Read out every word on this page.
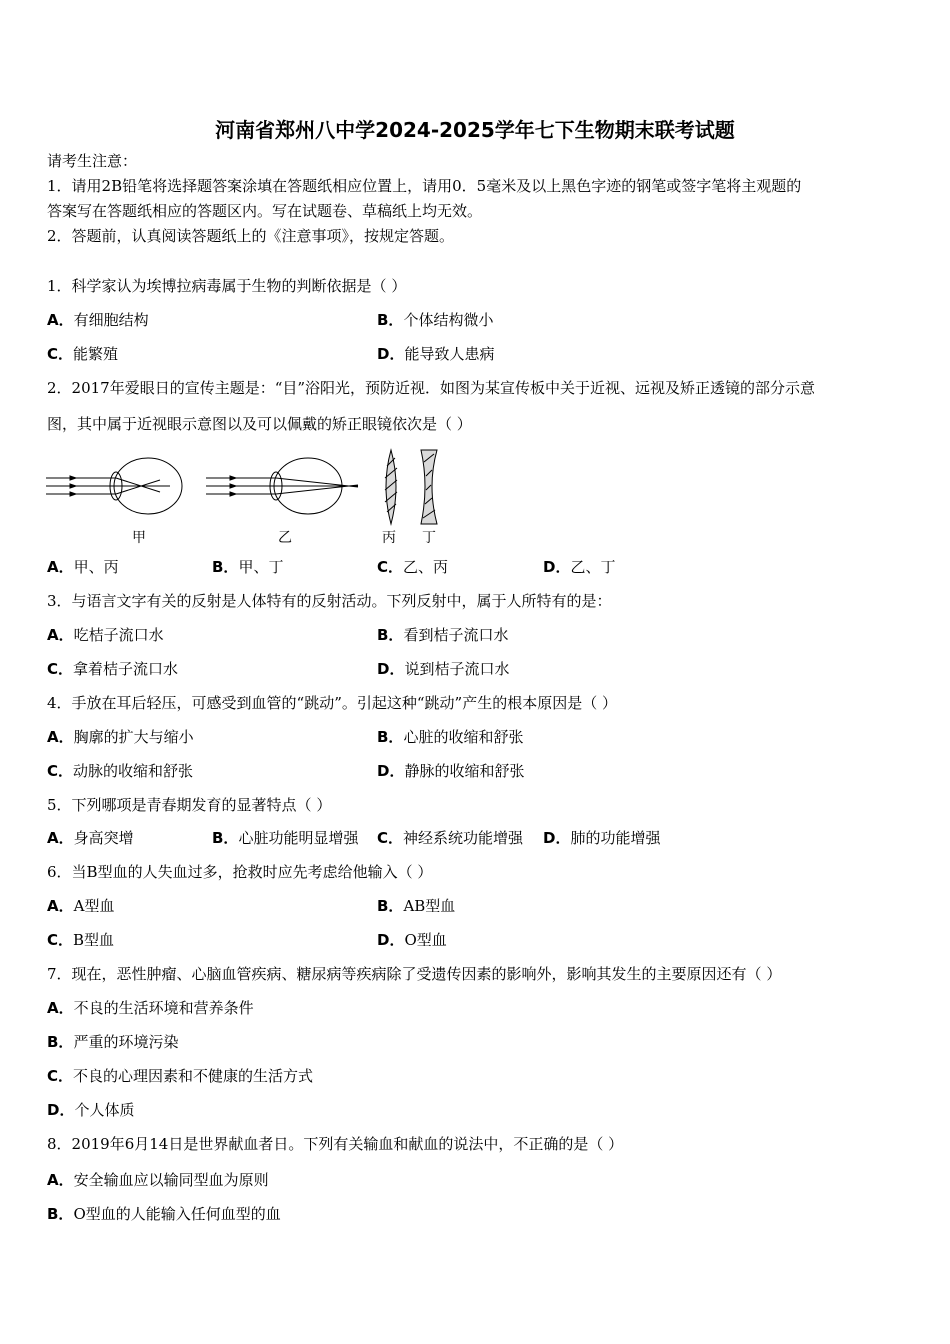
河南省郑州八中学2024-2025学年七下生物期末联考试题
请考生注意：
1．请用2B铅笔将选择题答案涂填在答题纸相应位置上，请用0．5毫米及以上黑色字迹的钢笔或签字笔将主观题的
答案写在答题纸相应的答题区内。写在试题卷、草稿纸上均无效。
2．答题前，认真阅读答题纸上的《注意事项》，按规定答题。
1．科学家认为埃博拉病毒属于生物的判断依据是（ ）
A．有细胞结构	B．个体结构微小
C．能繁殖	D．能导致人患病
2．2017年爱眼日的宣传主题是：“目”浴阳光，预防近视．如图为某宣传板中关于近视、远视及矫正透镜的部分示意
图，其中属于近视眼示意图以及可以佩戴的矫正眼镜依次是（ ）
甲	乙	丙 丁
A．甲、丙	B．甲、丁	C．乙、丙	D．乙、丁
3．与语言文字有关的反射是人体特有的反射活动。下列反射中，属于人所特有的是：
A．吃桔子流口水	B．看到桔子流口水
C．拿着桔子流口水	D．说到桔子流口水
4．手放在耳后轻压，可感受到血管的“跳动”。引起这种“跳动”产生的根本原因是（ ）
A．胸廓的扩大与缩小	B．心脏的收缩和舒张
C．动脉的收缩和舒张	D．静脉的收缩和舒张
5．下列哪项是青春期发育的显著特点（ ）
A．身高突增	B．心脏功能明显增强 C．神经系统功能增强 D．肺的功能增强
6．当B型血的人失血过多，抢救时应先考虑给他输入（ ）
A．A型血	B．AB型血
C．B型血	D．O型血
7．现在，恶性肿瘤、心脑血管疾病、糖尿病等疾病除了受遗传因素的影响外，影响其发生的主要原因还有（ ）
A．不良的生活环境和营养条件
B．严重的环境污染
C．不良的心理因素和不健康的生活方式
D．个人体质
8．2019年6月14日是世界献血者日。下列有关输血和献血的说法中，不正确的是（ ）
A．安全输血应以输同型血为原则
B．O型血的人能输入任何血型的血
